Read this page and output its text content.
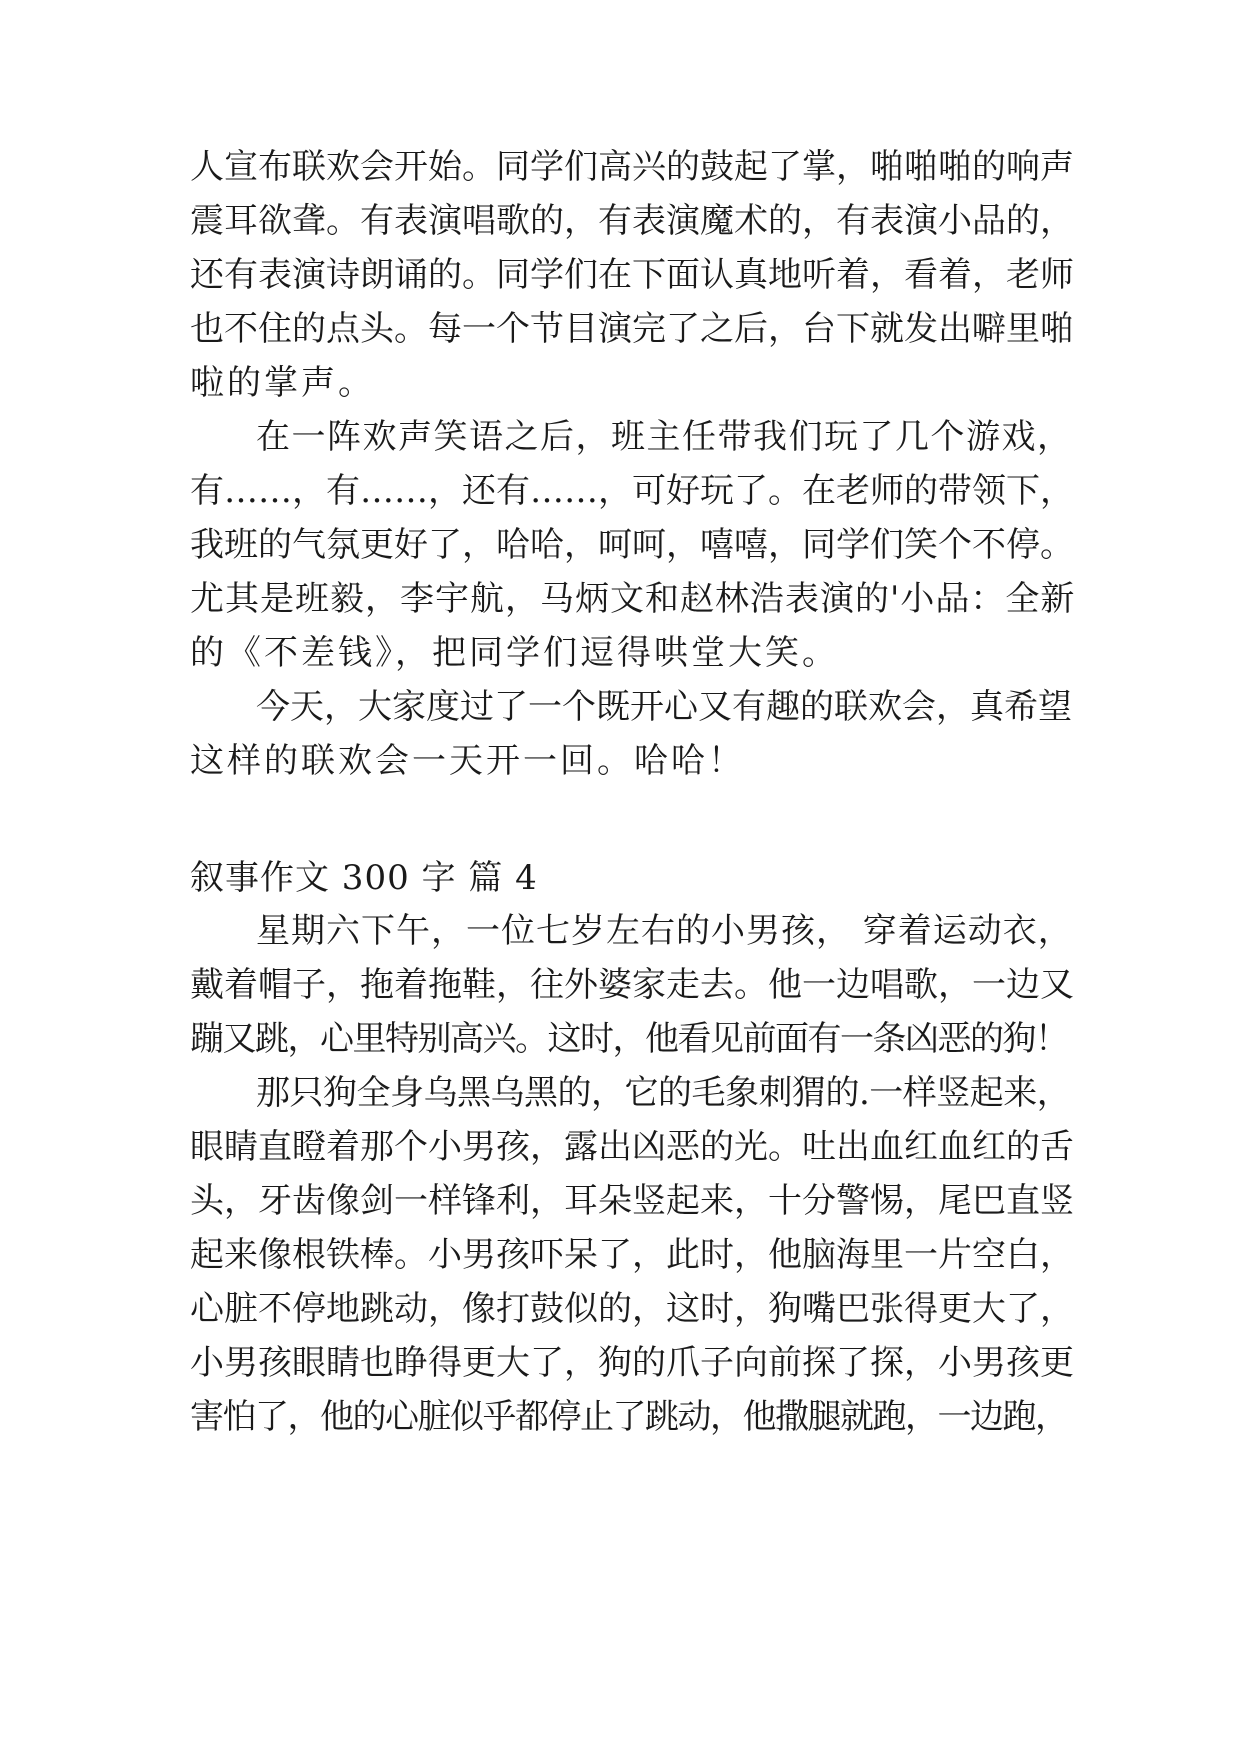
人宣布联欢会开始。同学们高兴的鼓起了掌，啪啪啪的响声
震耳欲聋。有表演唱歌的，有表演魔术的，有表演小品的，
还有表演诗朗诵的。同学们在下面认真地听着，看着，老师
也不住的点头。每一个节目演完了之后，台下就发出噼里啪
啦的掌声。
在一阵欢声笑语之后，班主任带我们玩了几个游戏，
有……，有……，还有……，可好玩了。在老师的带领下，
我班的气氛更好了，哈哈，呵呵，嘻嘻，同学们笑个不停。
尤其是班毅，李宇航，马炳文和赵林浩表演的'小品：全新
的《不差钱》，把同学们逗得哄堂大笑。
今天，大家度过了一个既开心又有趣的联欢会，真希望
这样的联欢会一天开一回。哈哈！
叙事作文 300 字 篇 4
星期六下午，一位七岁左右的小男孩， 穿着运动衣，
戴着帽子，拖着拖鞋，往外婆家走去。他一边唱歌，一边又
蹦又跳，心里特别高兴。这时，他看见前面有一条凶恶的狗！
那只狗全身乌黑乌黑的，它的毛象刺猬的.一样竖起来，
眼睛直瞪着那个小男孩，露出凶恶的光。吐出血红血红的舌
头，牙齿像剑一样锋利，耳朵竖起来，十分警惕，尾巴直竖
起来像根铁棒。小男孩吓呆了，此时，他脑海里一片空白，
心脏不停地跳动，像打鼓似的，这时，狗嘴巴张得更大了，
小男孩眼睛也睁得更大了，狗的爪子向前探了探，小男孩更
害怕了，他的心脏似乎都停止了跳动，他撒腿就跑，一边跑，
